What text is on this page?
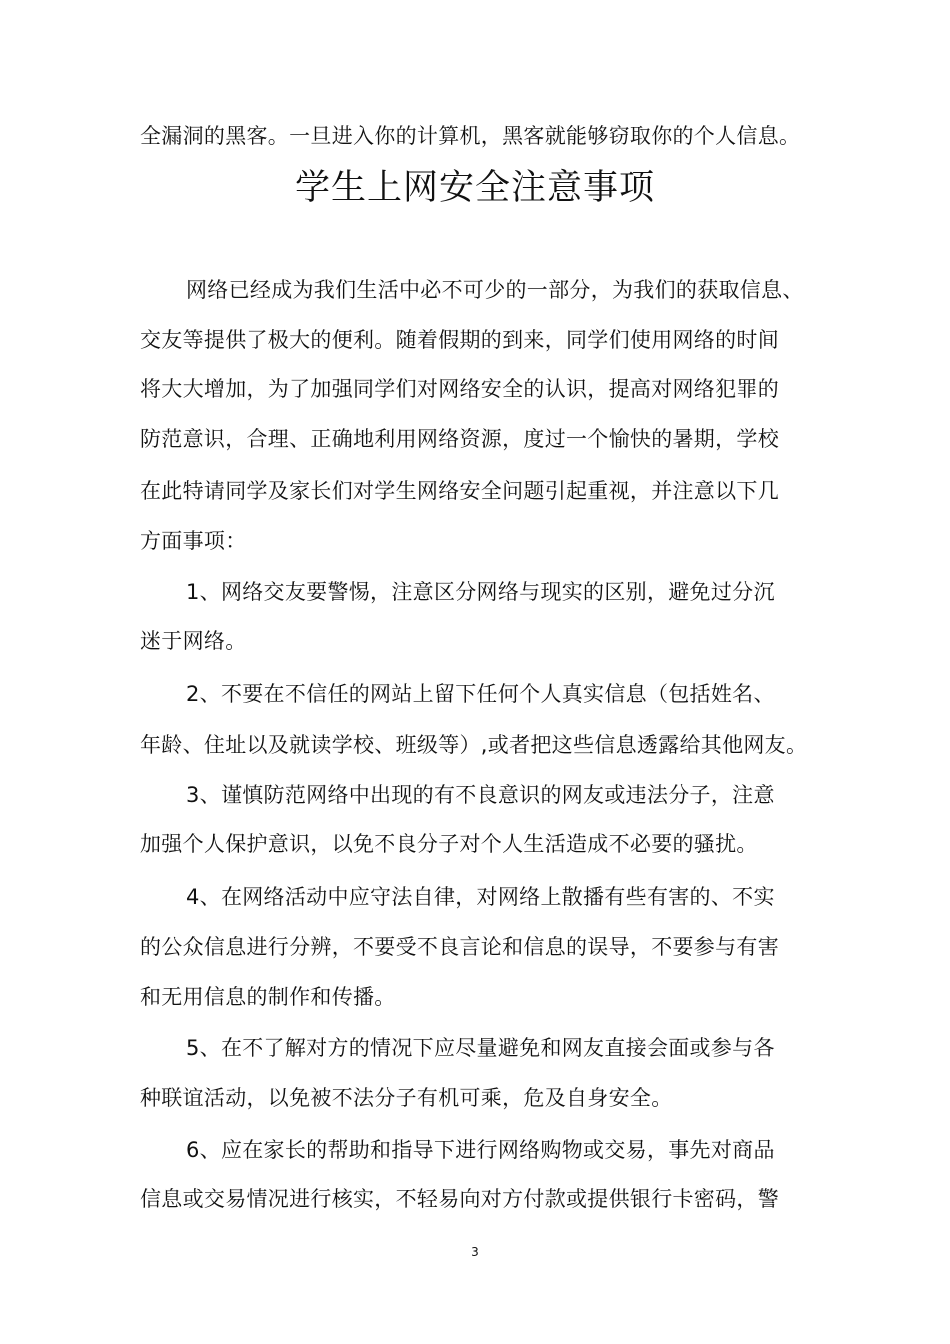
全漏洞的黑客。一旦进入你的计算机，黑客就能够窃取你的个人信息。
学生上网安全注意事项
网络已经成为我们生活中必不可少的一部分，为我们的获取信息、
交友等提供了极大的便利。随着假期的到来，同学们使用网络的时间
将大大增加，为了加强同学们对网络安全的认识，提高对网络犯罪的
防范意识，合理、正确地利用网络资源，度过一个愉快的暑期，学校
在此特请同学及家长们对学生网络安全问题引起重视，并注意以下几
方面事项：
1、网络交友要警惕，注意区分网络与现实的区别，避免过分沉
迷于网络。
2、不要在不信任的网站上留下任何个人真实信息（包括姓名、
年龄、住址以及就读学校、班级等）,或者把这些信息透露给其他网友。
3、谨慎防范网络中出现的有不良意识的网友或违法分子，注意
加强个人保护意识，以免不良分子对个人生活造成不必要的骚扰。
4、在网络活动中应守法自律，对网络上散播有些有害的、不实
的公众信息进行分辨，不要受不良言论和信息的误导，不要参与有害
和无用信息的制作和传播。
5、在不了解对方的情况下应尽量避免和网友直接会面或参与各
种联谊活动，以免被不法分子有机可乘，危及自身安全。
6、应在家长的帮助和指导下进行网络购物或交易，事先对商品
信息或交易情况进行核实，不轻易向对方付款或提供银行卡密码，警
3
